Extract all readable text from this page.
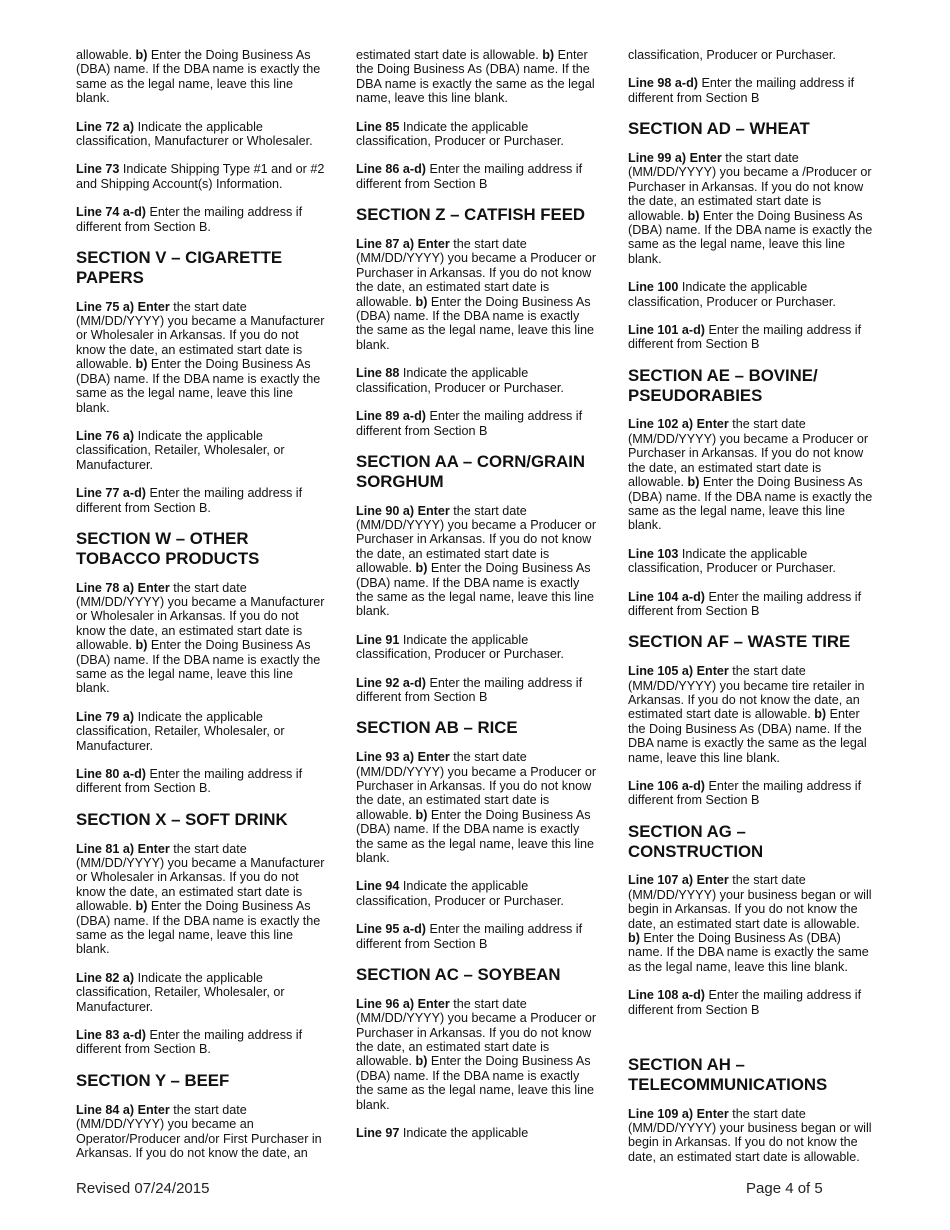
allowable. b) Enter the Doing Business As (DBA) name. If the DBA name is exactly the same as the legal name, leave this line blank.

Line 72 a) Indicate the applicable classification, Manufacturer or Wholesaler.

Line 73 Indicate Shipping Type #1 and or #2 and Shipping Account(s) Information.

Line 74 a-d) Enter the mailing address if different from Section B.

SECTION V – CIGARETTE PAPERS

Line 75 a) Enter the start date (MM/DD/YYYY) you became a Manufacturer or Wholesaler in Arkansas. If you do not know the date, an estimated start date is allowable. b) Enter the Doing Business As (DBA) name. If the DBA name is exactly the same as the legal name, leave this line blank.

Line 76 a) Indicate the applicable classification, Retailer, Wholesaler, or Manufacturer.

Line 77 a-d) Enter the mailing address if different from Section B.

SECTION W – OTHER TOBACCO PRODUCTS

Line 78 a) Enter the start date (MM/DD/YYYY) you became a Manufacturer or Wholesaler in Arkansas. If you do not know the date, an estimated start date is allowable. b) Enter the Doing Business As (DBA) name. If the DBA name is exactly the same as the legal name, leave this line blank.

Line 79 a) Indicate the applicable classification, Retailer, Wholesaler, or Manufacturer.

Line 80 a-d) Enter the mailing address if different from Section B.

SECTION X – SOFT DRINK

Line 81 a) Enter the start date (MM/DD/YYYY) you became a Manufacturer or Wholesaler in Arkansas. If you do not know the date, an estimated start date is allowable. b) Enter the Doing Business As (DBA) name. If the DBA name is exactly the same as the legal name, leave this line blank.

Line 82 a) Indicate the applicable classification, Retailer, Wholesaler, or Manufacturer.

Line 83 a-d) Enter the mailing address if different from Section B.

SECTION Y – BEEF

Line 84 a) Enter the start date (MM/DD/YYYY) you became an Operator/Producer and/or First Purchaser in Arkansas. If you do not know the date, an

estimated start date is allowable. b) Enter the Doing Business As (DBA) name. If the DBA name is exactly the same as the legal name, leave this line blank.

Line 85 Indicate the applicable classification, Producer or Purchaser.

Line 86 a-d) Enter the mailing address if different from Section B

SECTION Z – CATFISH FEED

Line 87 a) Enter the start date (MM/DD/YYYY) you became a Producer or Purchaser in Arkansas. If you do not know the date, an estimated start date is allowable. b) Enter the Doing Business As (DBA) name. If the DBA name is exactly the same as the legal name, leave this line blank.

Line 88 Indicate the applicable classification, Producer or Purchaser.

Line 89 a-d) Enter the mailing address if different from Section B

SECTION AA – CORN/GRAIN SORGHUM

Line 90 a) Enter the start date (MM/DD/YYYY) you became a Producer or Purchaser in Arkansas. If you do not know the date, an estimated start date is allowable. b) Enter the Doing Business As (DBA) name. If the DBA name is exactly the same as the legal name, leave this line blank.

Line 91 Indicate the applicable classification, Producer or Purchaser.

Line 92 a-d) Enter the mailing address if different from Section B

SECTION AB – RICE

Line 93 a) Enter the start date (MM/DD/YYYY) you became a Producer or Purchaser in Arkansas. If you do not know the date, an estimated start date is allowable. b) Enter the Doing Business As (DBA) name. If the DBA name is exactly the same as the legal name, leave this line blank.

Line 94 Indicate the applicable classification, Producer or Purchaser.

Line 95 a-d) Enter the mailing address if different from Section B

SECTION AC – SOYBEAN

Line 96 a) Enter the start date (MM/DD/YYYY) you became a Producer or Purchaser in Arkansas. If you do not know the date, an estimated start date is allowable. b) Enter the Doing Business As (DBA) name. If the DBA name is exactly the same as the legal name, leave this line blank.

Line 97 Indicate the applicable

classification, Producer or Purchaser.

Line 98 a-d) Enter the mailing address if different from Section B

SECTION AD – WHEAT

Line 99 a) Enter the start date (MM/DD/YYYY) you became a /Producer or Purchaser in Arkansas. If you do not know the date, an estimated start date is allowable. b) Enter the Doing Business As (DBA) name. If the DBA name is exactly the same as the legal name, leave this line blank.

Line 100 Indicate the applicable classification, Producer or Purchaser.

Line 101 a-d) Enter the mailing address if different from Section B

SECTION AE – BOVINE/ PSEUDORABIES

Line 102 a) Enter the start date (MM/DD/YYYY) you became a Producer or Purchaser in Arkansas. If you do not know the date, an estimated start date is allowable. b) Enter the Doing Business As (DBA) name. If the DBA name is exactly the same as the legal name, leave this line blank.

Line 103 Indicate the applicable classification, Producer or Purchaser.

Line 104 a-d) Enter the mailing address if different from Section B

SECTION AF – WASTE TIRE

Line 105 a) Enter the start date (MM/DD/YYYY) you became tire retailer in Arkansas. If you do not know the date, an estimated start date is allowable. b) Enter the Doing Business As (DBA) name. If the DBA name is exactly the same as the legal name, leave this line blank.

Line 106 a-d) Enter the mailing address if different from Section B

SECTION AG – CONSTRUCTION

Line 107 a) Enter the start date (MM/DD/YYYY) your business began or will begin in Arkansas. If you do not know the date, an estimated start date is allowable.

b) Enter the Doing Business As (DBA) name. If the DBA name is exactly the same as the legal name, leave this line blank.

Line 108 a-d) Enter the mailing address if different from Section B

SECTION AH – TELECOMMUNICATIONS

Line 109 a) Enter the start date (MM/DD/YYYY) your business began or will begin in Arkansas. If you do not know the date, an estimated start date is allowable.

Revised 07/24/2015	Page 4 of 5
